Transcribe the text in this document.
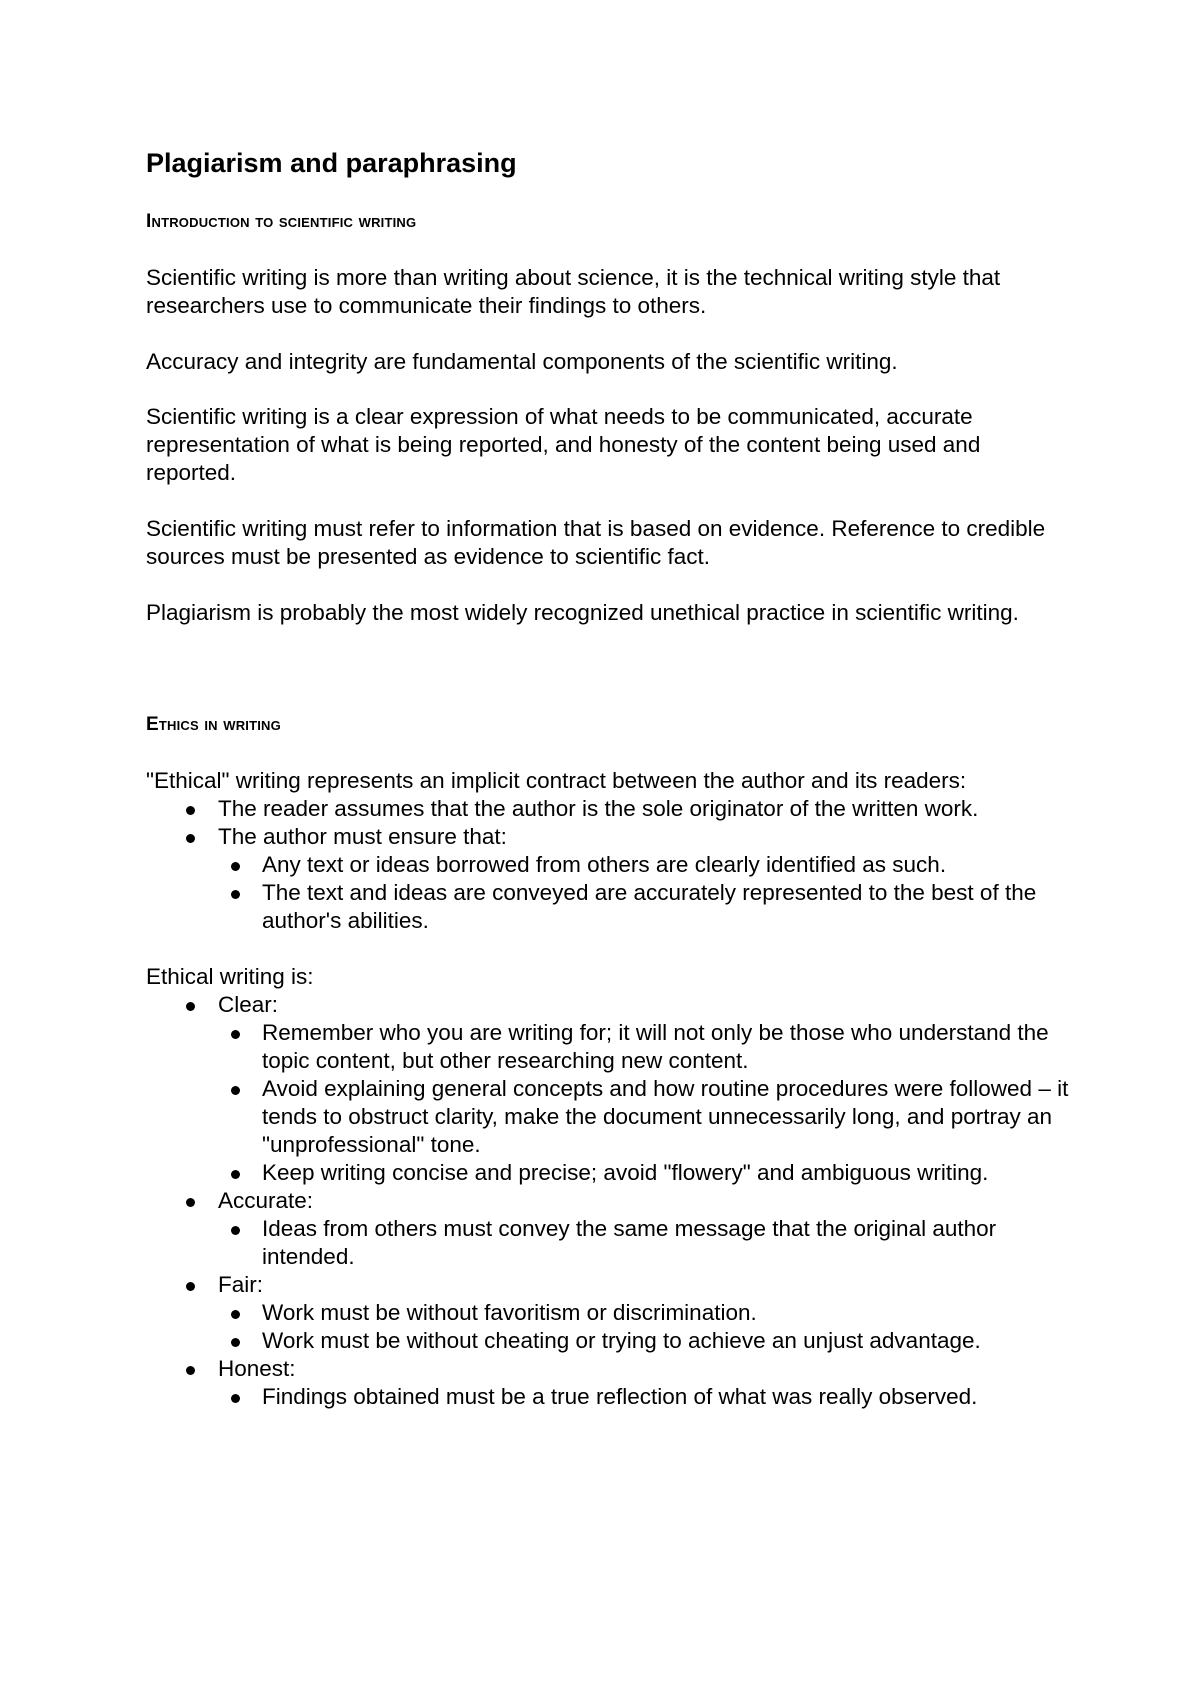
Plagiarism and paraphrasing
Introduction to scientific writing

Scientific writing is more than writing about science, it is the technical writing style that researchers use to communicate their findings to others.

Accuracy and integrity are fundamental components of the scientific writing.

Scientific writing is a clear expression of what needs to be communicated, accurate representation of what is being reported, and honesty of the content being used and reported.

Scientific writing must refer to information that is based on evidence. Reference to credible sources must be presented as evidence to scientific fact.

Plagiarism is probably the most widely recognized unethical practice in scientific writing.

Ethics in writing

"Ethical" writing represents an implicit contract between the author and its readers:

The reader assumes that the author is the sole originator of the written work.
The author must ensure that:
Any text or ideas borrowed from others are clearly identified as such.
The text and ideas are conveyed are accurately represented to the best of the author's abilities.

Ethical writing is:

Clear:
Remember who you are writing for; it will not only be those who understand the topic content, but other researching new content.
Avoid explaining general concepts and how routine procedures were followed – it tends to obstruct clarity, make the document unnecessarily long, and portray an "unprofessional" tone.
Keep writing concise and precise; avoid "flowery" and ambiguous writing.
Accurate:
Ideas from others must convey the same message that the original author intended.
Fair:
Work must be without favoritism or discrimination.
Work must be without cheating or trying to achieve an unjust advantage.
Honest:
Findings obtained must be a true reflection of what was really observed.
